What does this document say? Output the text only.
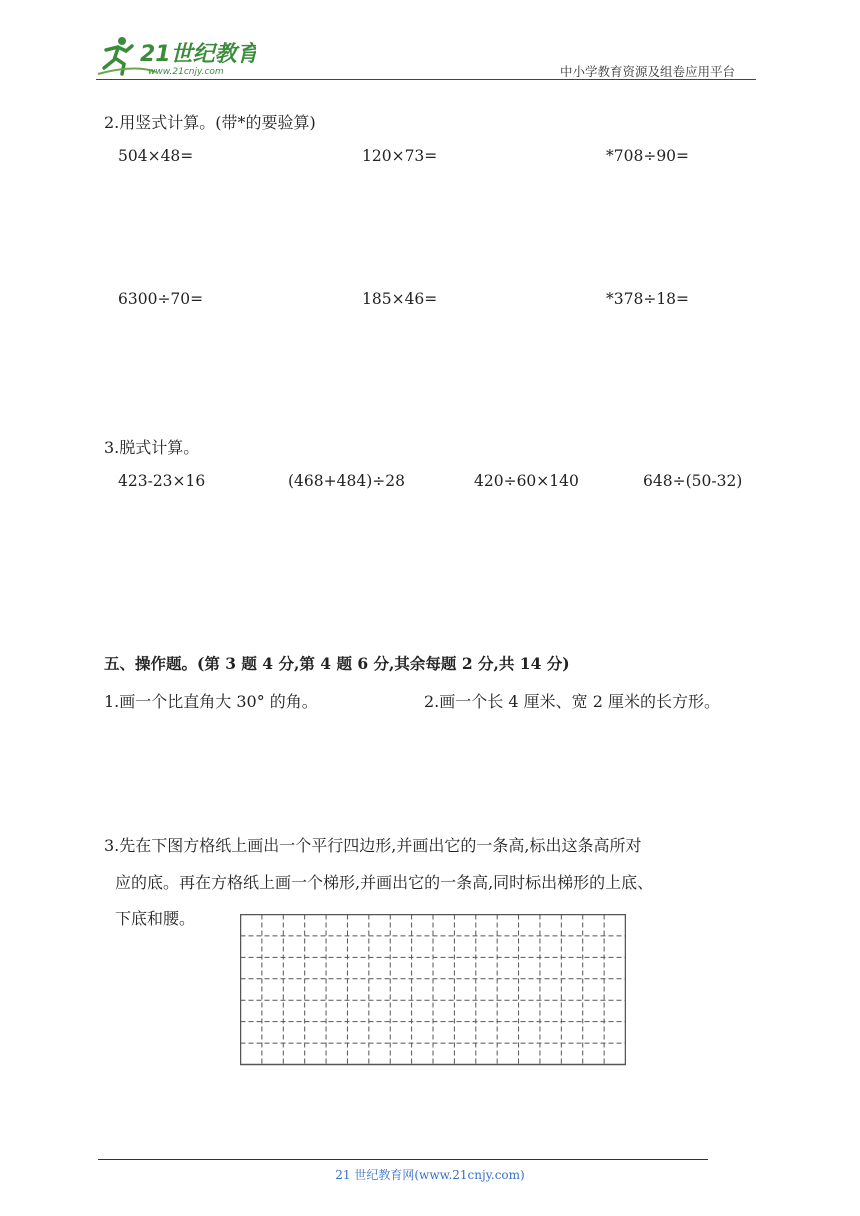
21世纪教育
www.21cnjy.com	中小学教育资源及组卷应用平台
2.用竖式计算。(带*的要验算)
504×48=	120×73=	*708÷90=
6300÷70=	185×46=	*378÷18=
3.脱式计算。
423-23×16	(468+484)÷28	420÷60×140	648÷(50-32)
五、操作题。(第 3 题 4 分,第 4 题 6 分,其余每题 2 分,共 14 分)
1.画一个比直角大 30° 的角。	2.画一个长 4 厘米、宽 2 厘米的长方形。
3.先在下图方格纸上画出一个平行四边形,并画出它的一条高,标出这条高所对
应的底。再在方格纸上画一个梯形,并画出它的一条高,同时标出梯形的上底、
下底和腰。
21 世纪教育网(www.21cnjy.com)
